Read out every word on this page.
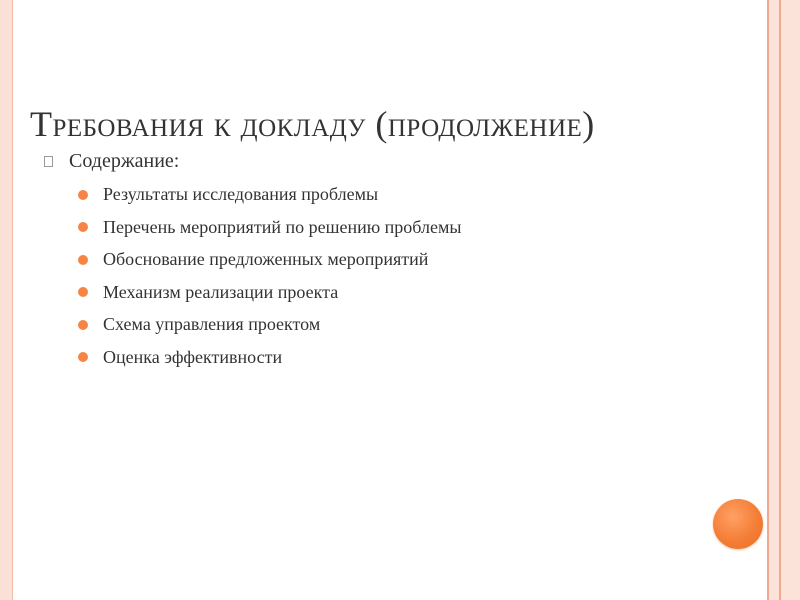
Требования к докладу (продолжение)
Содержание:
Результаты исследования проблемы
Перечень мероприятий по решению проблемы
Обоснование предложенных мероприятий
Механизм реализации проекта
Схема управления проектом
Оценка эффективности
